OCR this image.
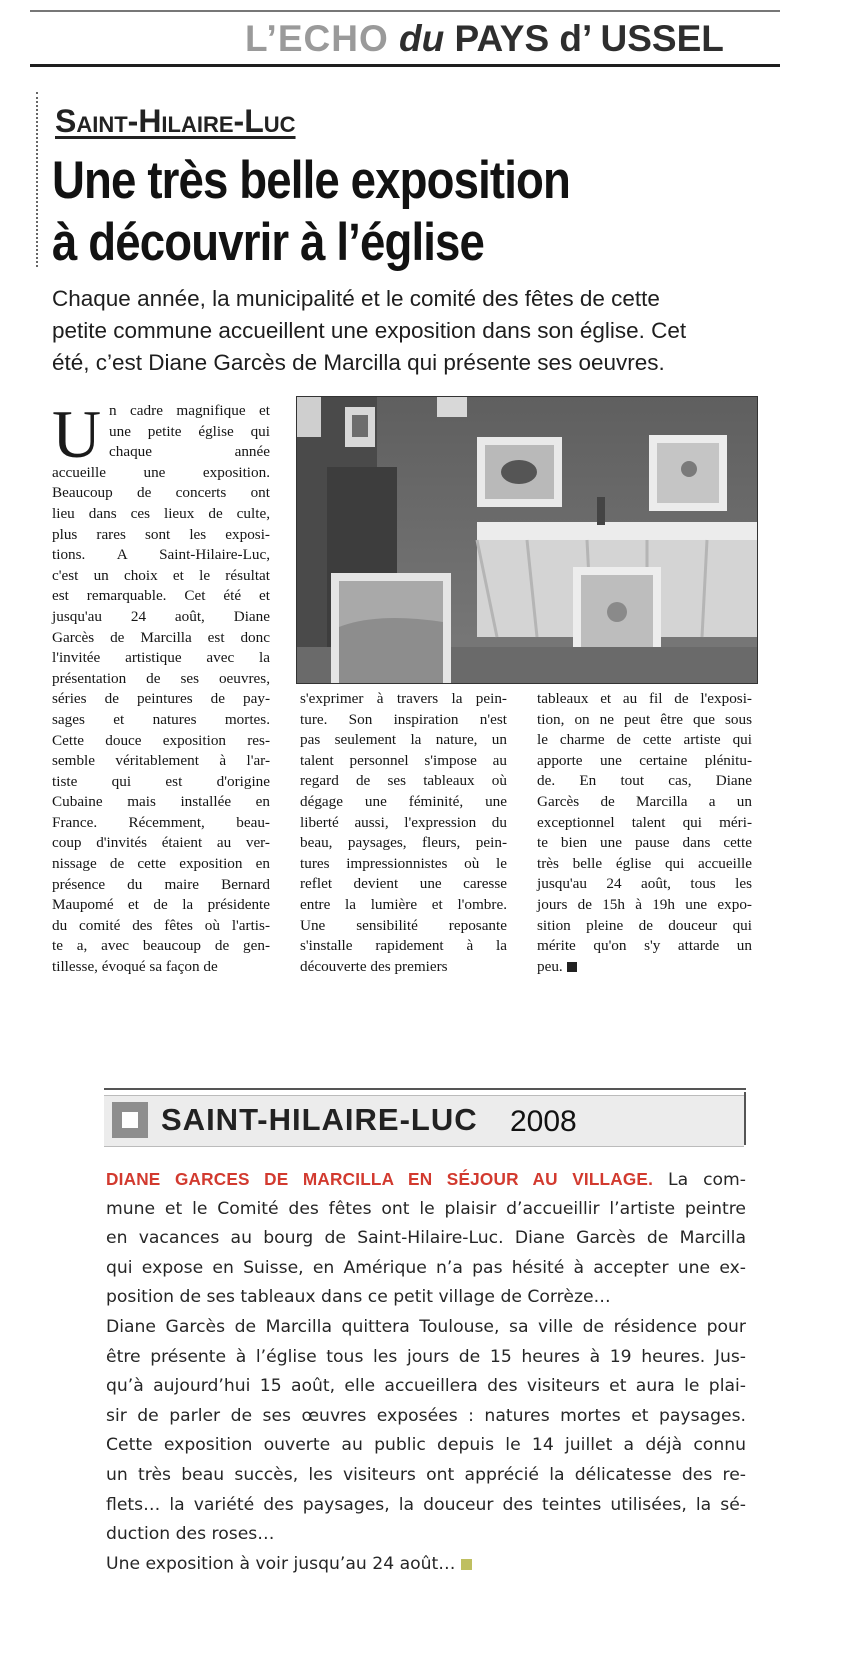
L’ECHO du PAYS d’ USSEL
Saint-Hilaire-Luc
Une très belle exposition
à découvrir à l’église
Chaque année, la municipalité et le comité des fêtes de cette
petite commune accueillent une exposition dans son église. Cet
été, c’est Diane Garcès de Marcilla qui présente ses oeuvres.
U n cadre magnifique et
une petite église qui
chaque année
accueille une exposition.
Beaucoup de concerts ont
lieu dans ces lieux de culte,
plus rares sont les exposi-
tions. A Saint-Hilaire-Luc,
c'est un choix et le résultat
est remarquable. Cet été et
jusqu'au 24 août, Diane
Garcès de Marcilla est donc
l'invitée artistique avec la
présentation de ses oeuvres,
séries de peintures de pay-
sages et natures mortes.
Cette douce exposition res-
semble véritablement à l'ar-
tiste qui est d'origine
Cubaine mais installée en
France. Récemment, beau-
coup d'invités étaient au ver-
nissage de cette exposition en
présence du maire Bernard
Maupomé et de la présidente
du comité des fêtes où l'artis-
te a, avec beaucoup de gen-
tillesse, évoqué sa façon de
s'exprimer à travers la pein-
ture. Son inspiration n'est
pas seulement la nature, un
talent personnel s'impose au
regard de ses tableaux où
dégage une féminité, une
liberté aussi, l'expression du
beau, paysages, fleurs, pein-
tures impressionnistes où le
reflet devient une caresse
entre la lumière et l'ombre.
Une sensibilité reposante
s'installe rapidement à la
découverte des premiers
tableaux et au fil de l'exposi-
tion, on ne peut être que sous
le charme de cette artiste qui
apporte une certaine plénitu-
de. En tout cas, Diane
Garcès de Marcilla a un
exceptionnel talent qui méri-
te bien une pause dans cette
très belle église qui accueille
jusqu'au 24 août, tous les
jours de 15h à 19h une expo-
sition pleine de douceur qui
mérite qu'on s'y attarde un
peu.
SAINT-HILAIRE-LUC 2008
DIANE GARCES DE MARCILLA EN SÉJOUR AU VILLAGE. La com-
mune et le Comité des fêtes ont le plaisir d’accueillir l’artiste peintre
en vacances au bourg de Saint-Hilaire-Luc. Diane Garcès de Marcilla
qui expose en Suisse, en Amérique n’a pas hésité à accepter une ex-
position de ses tableaux dans ce petit village de Corrèze…
Diane Garcès de Marcilla quittera Toulouse, sa ville de résidence pour
être présente à l’église tous les jours de 15 heures à 19 heures. Jus-
qu’à aujourd’hui 15 août, elle accueillera des visiteurs et aura le plai-
sir de parler de ses œuvres exposées : natures mortes et paysages.
Cette exposition ouverte au public depuis le 14 juillet a déjà connu
un très beau succès, les visiteurs ont apprécié la délicatesse des re-
flets… la variété des paysages, la douceur des teintes utilisées, la sé-
duction des roses…
Une exposition à voir jusqu’au 24 août…
